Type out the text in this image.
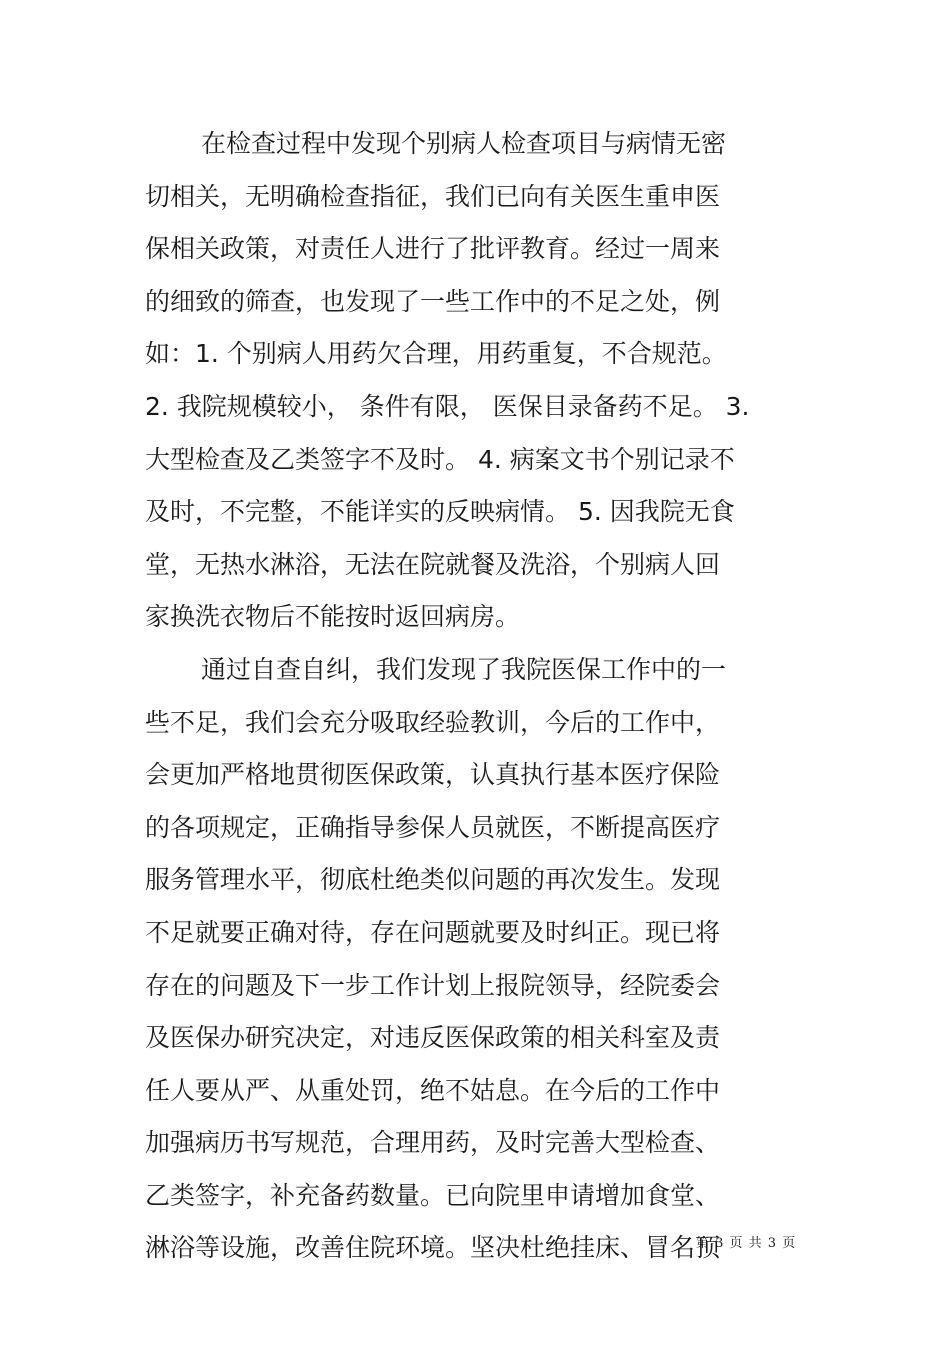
在检查过程中发现个别病人检查项目与病情无密
切相关，无明确检查指征，我们已向有关医生重申医
保相关政策，对责任人进行了批评教育。经过一周来
的细致的筛查，也发现了一些工作中的不足之处，例
如：1. 个别病人用药欠合理，用药重复，不合规范。
2. 我院规模较小， 条件有限， 医保目录备药不足。 3.
大型检查及乙类签字不及时。 4. 病案文书个别记录不
及时，不完整，不能详实的反映病情。 5. 因我院无食
堂，无热水淋浴，无法在院就餐及洗浴，个别病人回
家换洗衣物后不能按时返回病房。
通过自查自纠，我们发现了我院医保工作中的一
些不足，我们会充分吸取经验教训，今后的工作中，
会更加严格地贯彻医保政策，认真执行基本医疗保险
的各项规定，正确指导参保人员就医，不断提高医疗
服务管理水平，彻底杜绝类似问题的再次发生。发现
不足就要正确对待，存在问题就要及时纠正。现已将
存在的问题及下一步工作计划上报院领导，经院委会
及医保办研究决定，对违反医保政策的相关科室及责
任人要从严、从重处罚，绝不姑息。在今后的工作中
加强病历书写规范，合理用药，及时完善大型检查、
乙类签字，补充备药数量。已向院里申请增加食堂、
淋浴等设施，改善住院环境。坚决杜绝挂床、冒名顶
第 3 页 共 3 页
